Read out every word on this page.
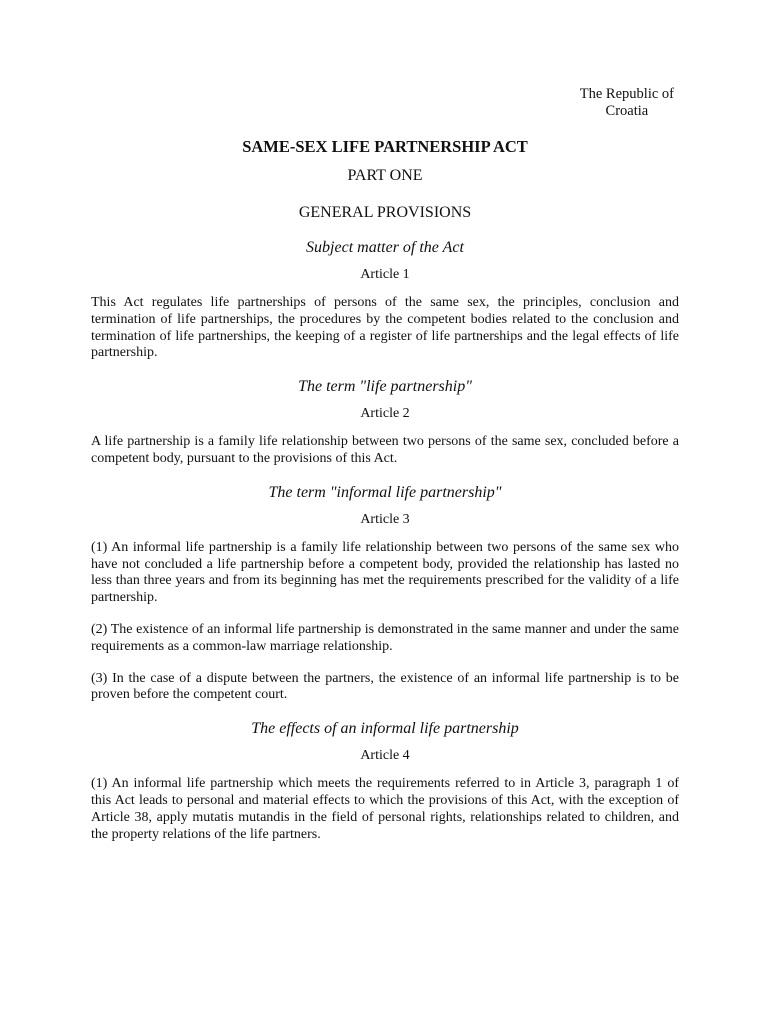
The Republic of
Croatia
SAME-SEX LIFE PARTNERSHIP ACT
PART ONE
GENERAL PROVISIONS
Subject matter of the Act
Article 1
This Act regulates life partnerships of persons of the same sex, the principles, conclusion and termination of life partnerships, the procedures by the competent bodies related to the conclusion and termination of life partnerships, the keeping of a register of life partnerships and the legal effects of life partnership.
The term "life partnership"
Article 2
A life partnership is a family life relationship between two persons of the same sex, concluded before a competent body, pursuant to the provisions of this Act.
The term "informal life partnership"
Article 3
(1) An informal life partnership is a family life relationship between two persons of the same sex who have not concluded a life partnership before a competent body, provided the relationship has lasted no less than three years and from its beginning has met the requirements prescribed for the validity of a life partnership.
(2) The existence of an informal life partnership is demonstrated in the same manner and under the same requirements as a common-law marriage relationship.
(3) In the case of a dispute between the partners, the existence of an informal life partnership is to be proven before the competent court.
The effects of an informal life partnership
Article 4
(1) An informal life partnership which meets the requirements referred to in Article 3, paragraph 1 of this Act leads to personal and material effects to which the provisions of this Act, with the exception of Article 38, apply mutatis mutandis in the field of personal rights, relationships related to children, and the property relations of the life partners.
